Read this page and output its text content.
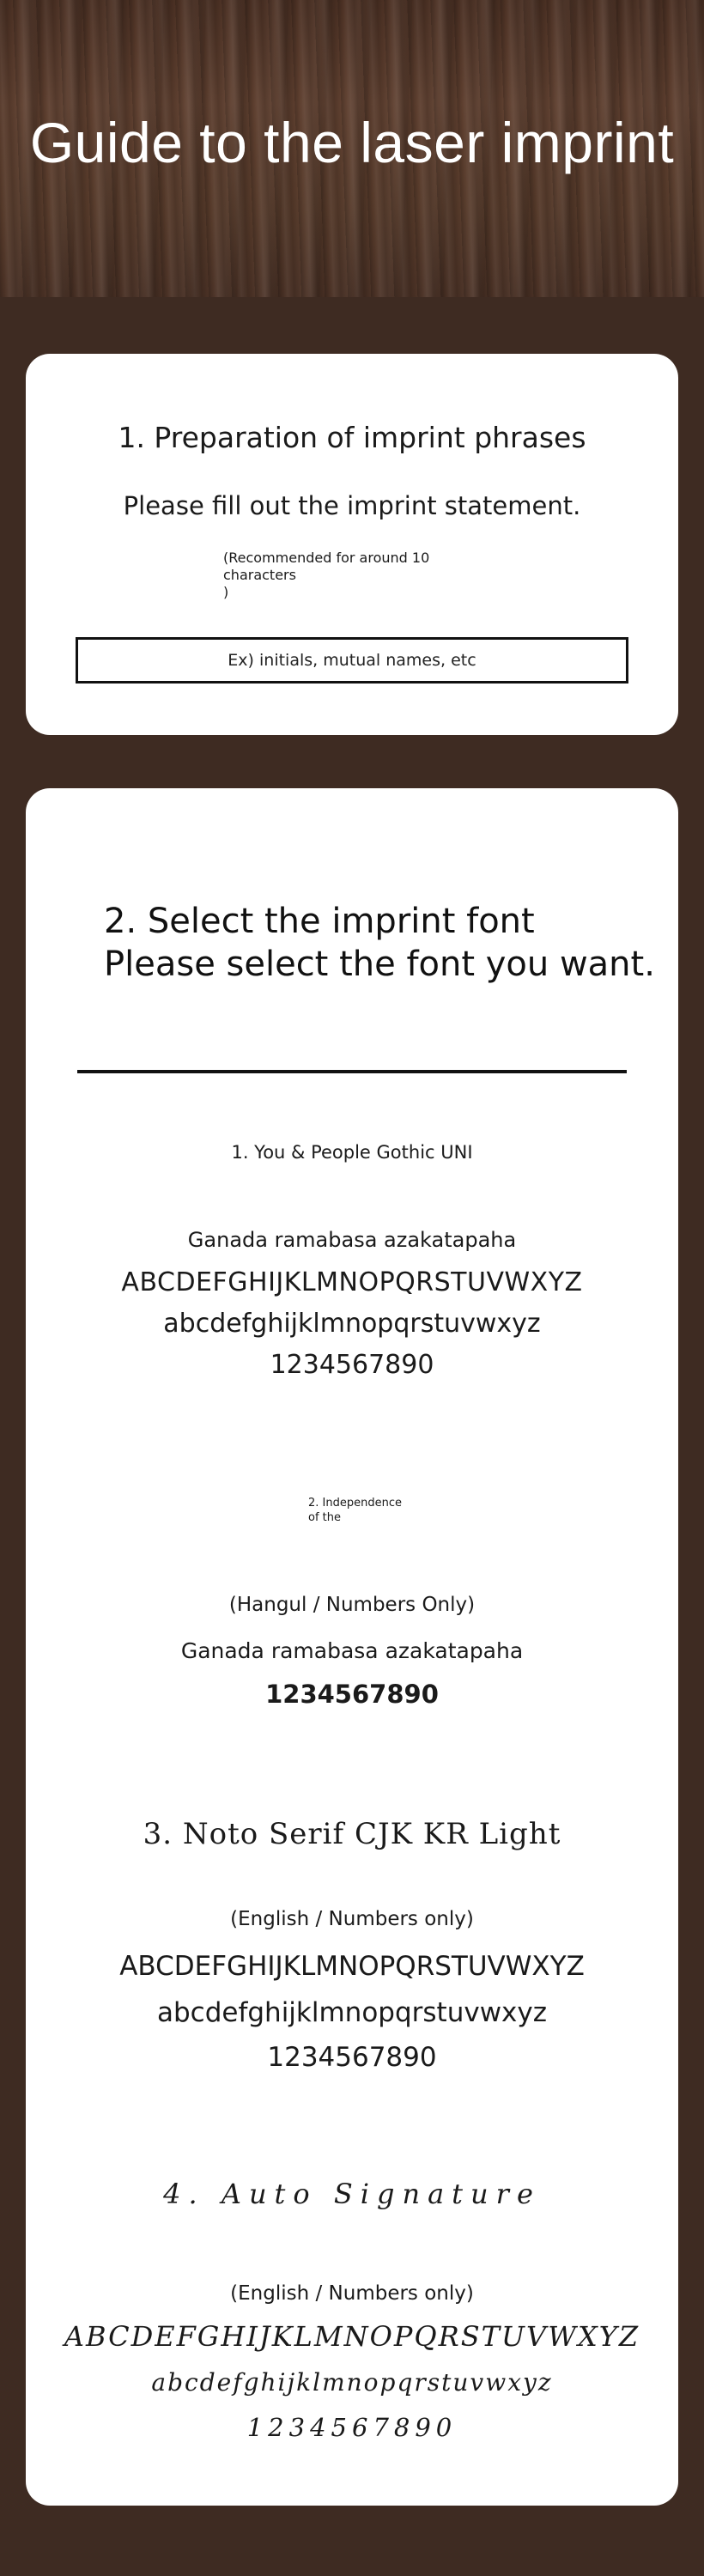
Guide to the laser imprint
1. Preparation of imprint phrases
Please fill out the imprint statement.
(Recommended for around 10 characters
)
Ex) initials, mutual names, etc
2. Select the imprint font
Please select the font you want.
1. You & People Gothic UNI
Ganada ramabasa azakatapaha
ABCDEFGHIJKLMNOPQRSTUVWXYZ
abcdefghijklmnopqrstuvwxyz
1234567890
2. Independence
of the
(Hangul / Numbers Only)
Ganada ramabasa azakatapaha
1234567890
3. Noto Serif CJK KR Light
(English / Numbers only)
ABCDEFGHIJKLMNOPQRSTUVWXYZ
abcdefghijklmnopqrstuvwxyz
1234567890
4. Auto Signature
(English / Numbers only)
ABCDEFGHIJKLMNOPQRSTUVWXYZ
abcdefghijklmnopqrstuvwxyz
1234567890
